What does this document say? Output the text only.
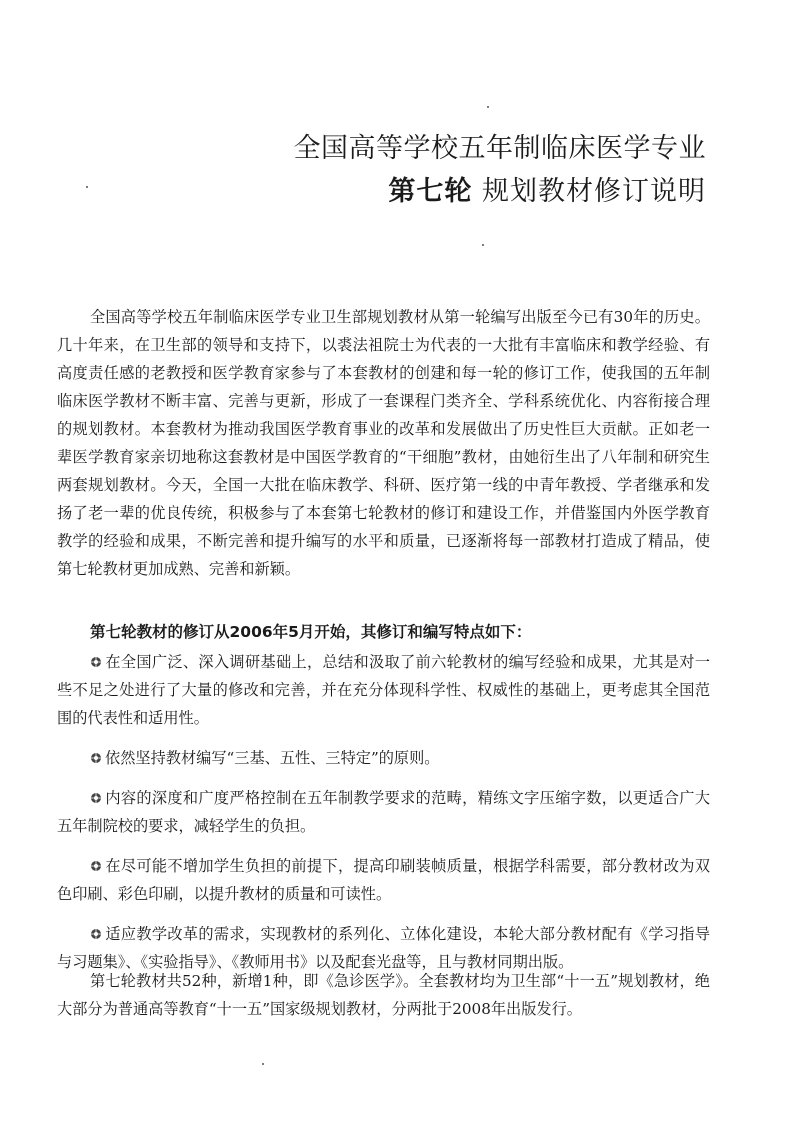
全国高等学校五年制临床医学专业
第七轮 规划教材修订说明

全国高等学校五年制临床医学专业卫生部规划教材从第一轮编写出版至今已有30年的历史。几十年来，在卫生部的领导和支持下，以裘法祖院士为代表的一大批有丰富临床和教学经验、有高度责任感的老教授和医学教育家参与了本套教材的创建和每一轮的修订工作，使我国的五年制临床医学教材不断丰富、完善与更新，形成了一套课程门类齐全、学科系统优化、内容衔接合理的规划教材。本套教材为推动我国医学教育事业的改革和发展做出了历史性巨大贡献。正如老一辈医学教育家亲切地称这套教材是中国医学教育的“干细胞”教材，由她衍生出了八年制和研究生两套规划教材。今天，全国一大批在临床教学、科研、医疗第一线的中青年教授、学者继承和发扬了老一辈的优良传统，积极参与了本套第七轮教材的修订和建设工作，并借鉴国内外医学教育教学的经验和成果，不断完善和提升编写的水平和质量，已逐渐将每一部教材打造成了精品，使第七轮教材更加成熟、完善和新颖。

第七轮教材的修订从2006年5月开始，其修订和编写特点如下：
在全国广泛、深入调研基础上，总结和汲取了前六轮教材的编写经验和成果，尤其是对一些不足之处进行了大量的修改和完善，并在充分体现科学性、权威性的基础上，更考虑其全国范围的代表性和适用性。
依然坚持教材编写“三基、五性、三特定”的原则。
内容的深度和广度严格控制在五年制教学要求的范畴，精练文字压缩字数，以更适合广大五年制院校的要求，减轻学生的负担。
在尽可能不增加学生负担的前提下，提高印刷装帧质量，根据学科需要，部分教材改为双色印刷、彩色印刷，以提升教材的质量和可读性。
适应教学改革的需求，实现教材的系列化、立体化建设，本轮大部分教材配有《学习指导与习题集》、《实验指导》、《教师用书》以及配套光盘等，且与教材同期出版。

第七轮教材共52种，新增1种，即《急诊医学》。全套教材均为卫生部“十一五”规划教材，绝大部分为普通高等教育“十一五”国家级规划教材，分两批于2008年出版发行。
